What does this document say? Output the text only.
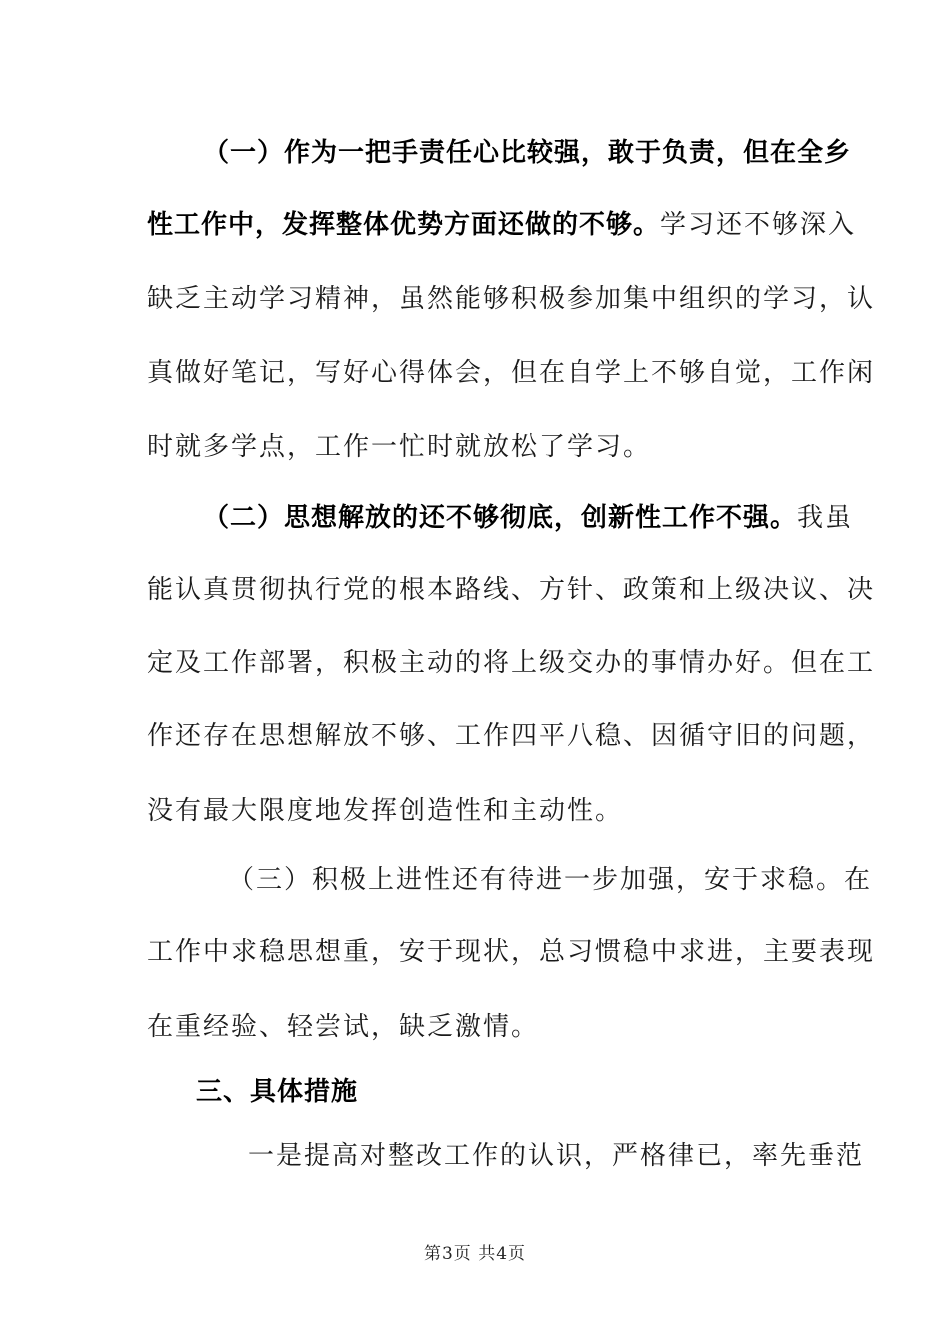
（一）作为一把手责任心比较强，敢于负责，但在全乡
性工作中，发挥整体优势方面还做的不够。学习还不够深入
缺乏主动学习精神，虽然能够积极参加集中组织的学习，认
真做好笔记，写好心得体会，但在自学上不够自觉，工作闲
时就多学点，工作一忙时就放松了学习。
（二）思想解放的还不够彻底，创新性工作不强。我虽
能认真贯彻执行党的根本路线、方针、政策和上级决议、决
定及工作部署，积极主动的将上级交办的事情办好。但在工
作还存在思想解放不够、工作四平八稳、因循守旧的问题，
没有最大限度地发挥创造性和主动性。
（三）积极上进性还有待进一步加强，安于求稳。在
工作中求稳思想重，安于现状，总习惯稳中求进，主要表现
在重经验、轻尝试，缺乏激情。
三、具体措施
一是提高对整改工作的认识，严格律已，率先垂范
第3页 共4页
